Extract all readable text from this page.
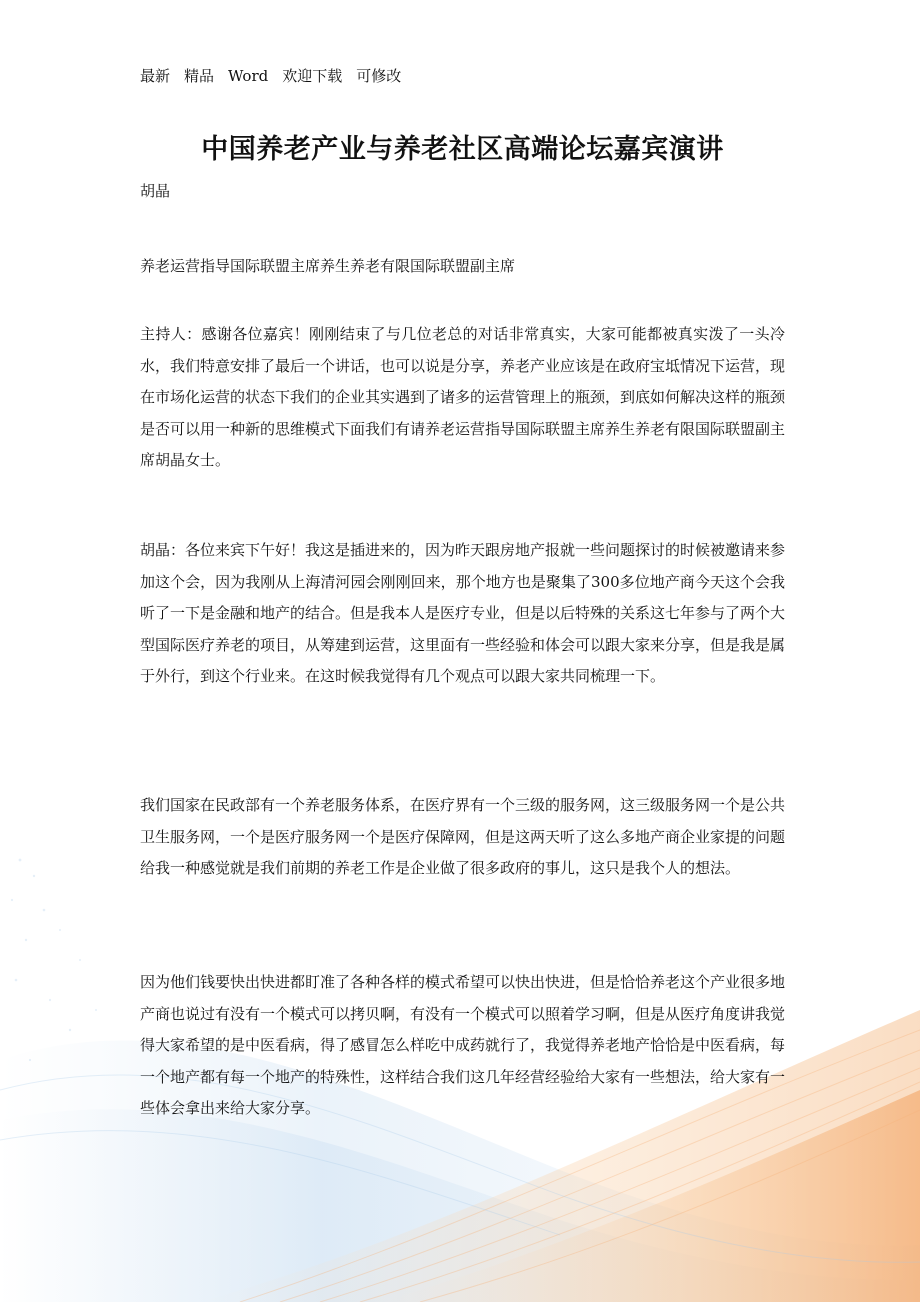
最新 精品 Word 欢迎下载 可修改
中国养老产业与养老社区高端论坛嘉宾演讲
胡晶
养老运营指导国际联盟主席养生养老有限国际联盟副主席

主持人：感谢各位嘉宾！刚刚结束了与几位老总的对话非常真实，大家可能都被真实泼了一头冷水，我们特意安排了最后一个讲话，也可以说是分享，养老产业应该是在政府宝坻情况下运营，现在市场化运营的状态下我们的企业其实遇到了诸多的运营管理上的瓶颈，到底如何解决这样的瓶颈是否可以用一种新的思维模式下面我们有请养老运营指导国际联盟主席养生养老有限国际联盟副主席胡晶女士。

胡晶：各位来宾下午好！我这是插进来的，因为昨天跟房地产报就一些问题探讨的时候被邀请来参加这个会，因为我刚从上海清河园会刚刚回来，那个地方也是聚集了300多位地产商今天这个会我听了一下是金融和地产的结合。但是我本人是医疗专业，但是以后特殊的关系这七年参与了两个大型国际医疗养老的项目，从筹建到运营，这里面有一些经验和体会可以跟大家来分享，但是我是属于外行，到这个行业来。在这时候我觉得有几个观点可以跟大家共同梳理一下。

我们国家在民政部有一个养老服务体系，在医疗界有一个三级的服务网，这三级服务网一个是公共卫生服务网，一个是医疗服务网一个是医疗保障网，但是这两天听了这么多地产商企业家提的问题给我一种感觉就是我们前期的养老工作是企业做了很多政府的事儿，这只是我个人的想法。

因为他们钱要快出快进都盯准了各种各样的模式希望可以快出快进，但是恰恰养老这个产业很多地产商也说过有没有一个模式可以拷贝啊，有没有一个模式可以照着学习啊，但是从医疗角度讲我觉得大家希望的是中医看病，得了感冒怎么样吃中成药就行了，我觉得养老地产恰恰是中医看病，每一个地产都有每一个地产的特殊性，这样结合我们这几年经营经验给大家有一些想法，给大家有一些体会拿出来给大家分享。
